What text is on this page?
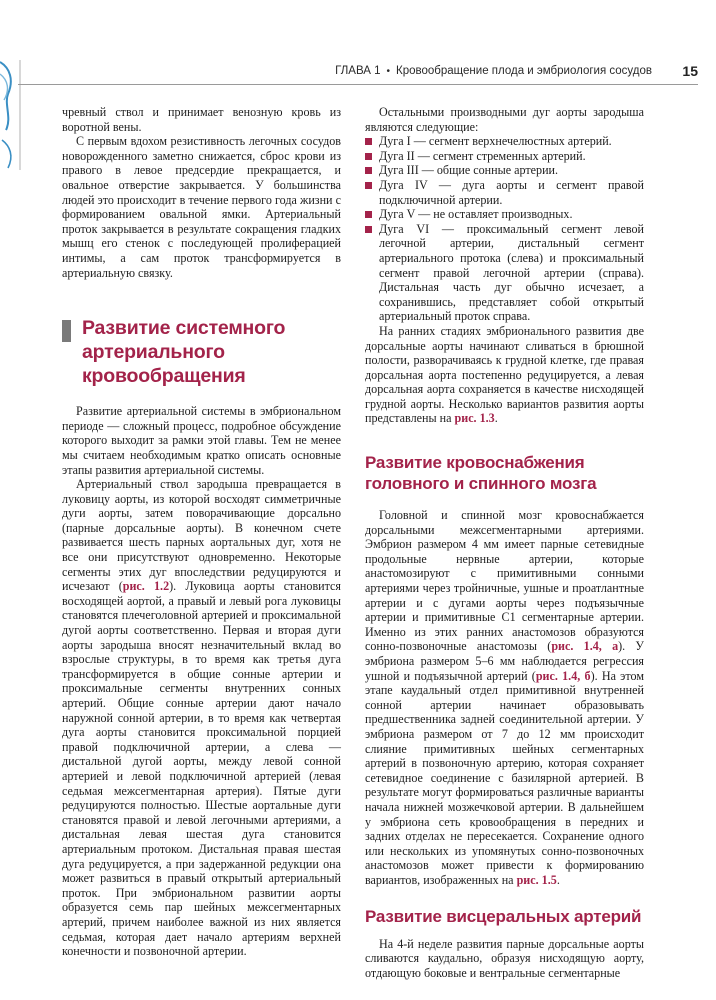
ГЛАВА 1 • Кровообращение плода и эмбриология сосудов 15

чревный ствол и принимает венозную кровь из воротной вены.

С первым вдохом резистивность легочных сосудов новорожденного заметно снижается, сброс крови из правого в левое предсердие прекращается, и овальное отверстие закрывается. У большинства людей это происходит в течение первого года жизни с формированием овальной ямки. Артериальный проток закрывается в результате сокращения гладких мышц его стенок с последующей пролиферацией интимы, а сам проток трансформируется в артериальную связку.

Развитие системного артериального кровообращения

Развитие артериальной системы в эмбриональном периоде — сложный процесс, подробное обсуждение которого выходит за рамки этой главы. Тем не менее мы считаем необходимым кратко описать основные этапы развития артериальной системы.

Артериальный ствол зародыша превращается в луковицу аорты, из которой восходят симметричные дуги аорты, затем поворачивающие дорсально (парные дорсальные аорты). В конечном счете развивается шесть парных аортальных дуг, хотя не все они присутствуют одновременно. Некоторые сегменты этих дуг впоследствии редуцируются и исчезают (рис. 1.2). Луковица аорты становится восходящей аортой, а правый и левый рога луковицы становятся плечеголовной артерией и проксимальной дугой аорты соответственно. Первая и вторая дуги аорты зародыша вносят незначительный вклад во взрослые структуры, в то время как третья дуга трансформируется в общие сонные артерии и проксимальные сегменты внутренних сонных артерий. Общие сонные артерии дают начало наружной сонной артерии, в то время как четвертая дуга аорты становится проксимальной порцией правой подключичной артерии, а слева — дистальной дугой аорты, между левой сонной артерией и левой подключичной артерией (левая седьмая межсегментарная артерия). Пятые дуги редуцируются полностью. Шестые аортальные дуги становятся правой и левой легочными артериями, а дистальная левая шестая дуга становится артериальным протоком. Дистальная правая шестая дуга редуцируется, а при задержанной редукции она может развиться в правый открытый артериальный проток. При эмбриональном развитии аорты образуется семь пар шейных межсегментарных артерий, причем наиболее важной из них является седьмая, которая дает начало артериям верхней конечности и позвоночной артерии.

Остальными производными дуг аорты зародыша являются следующие:

Дуга I — сегмент верхнечелюстных артерий.
Дуга II — сегмент стременных артерий.
Дуга III — общие сонные артерии.
Дуга IV — дуга аорты и сегмент правой подключичной артерии.
Дуга V — не оставляет производных.
Дуга VI — проксимальный сегмент левой легочной артерии, дистальный сегмент артериального протока (слева) и проксимальный сегмент правой легочной артерии (справа). Дистальная часть дуг обычно исчезает, а сохранившись, представляет собой открытый артериальный проток справа.

На ранних стадиях эмбрионального развития две дорсальные аорты начинают сливаться в брюшной полости, разворачиваясь к грудной клетке, где правая дорсальная аорта постепенно редуцируется, а левая дорсальная аорта сохраняется в качестве нисходящей грудной аорты. Несколько вариантов развития аорты представлены на рис. 1.3.

Развитие кровоснабжения головного и спинного мозга

Головной и спинной мозг кровоснабжается дорсальными межсегментарными артериями. Эмбрион размером 4 мм имеет парные сетевидные продольные нервные артерии, которые анастомозируют с примитивными сонными артериями через тройничные, ушные и проатлантные артерии и с дугами аорты через подъязычные артерии и примитивные C1 сегментарные артерии. Именно из этих ранних анастомозов образуются сонно-позвоночные анастомозы (рис. 1.4, а). У эмбриона размером 5–6 мм наблюдается регрессия ушной и подъязычной артерий (рис. 1.4, б). На этом этапе каудальный отдел примитивной внутренней сонной артерии начинает образовывать предшественника задней соединительной артерии. У эмбриона размером от 7 до 12 мм происходит слияние примитивных шейных сегментарных артерий в позвоночную артерию, которая сохраняет сетевидное соединение с базилярной артерией. В результате могут формироваться различные варианты начала нижней мозжечковой артерии. В дальнейшем у эмбриона сеть кровообращения в передних и задних отделах не пересекается. Сохранение одного или нескольких из упомянутых сонно-позвоночных анастомозов может привести к формированию вариантов, изображенных на рис. 1.5.

Развитие висцеральных артерий

На 4-й неделе развития парные дорсальные аорты сливаются каудально, образуя нисходящую аорту, отдающую боковые и вентральные сегментарные
